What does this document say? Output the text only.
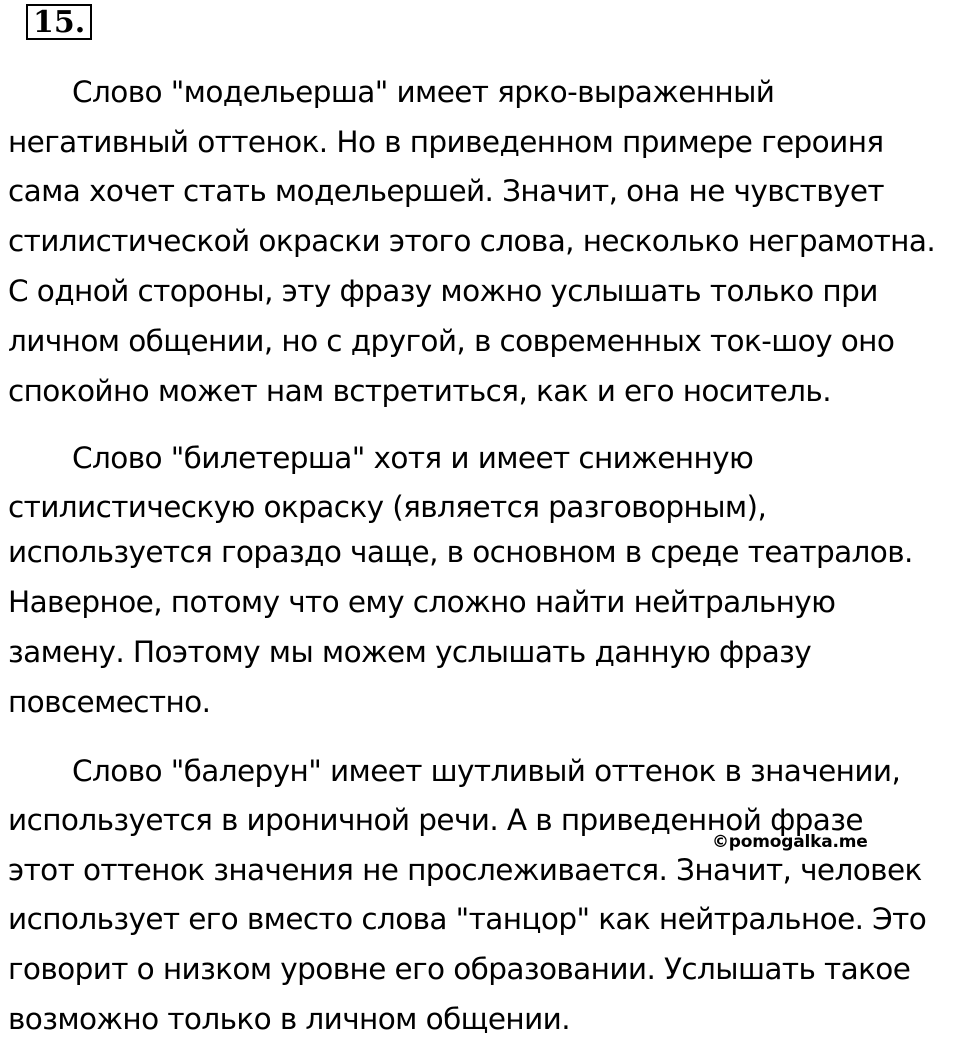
15.
Слово "модельерша" имеет ярко-выраженный
негативный оттенок. Но в приведенном примере героиня
сама хочет стать модельершей. Значит, она не чувствует
стилистической окраски этого слова, несколько неграмотна.
С одной стороны, эту фразу можно услышать только при
личном общении, но с другой, в современных ток-шоу оно
спокойно может нам встретиться, как и его носитель.
Слово "билетерша" хотя и имеет сниженную
стилистическую окраску (является разговорным),
используется гораздо чаще, в основном в среде театралов.
Наверное, потому что ему сложно найти нейтральную
замену. Поэтому мы можем услышать данную фразу
повсеместно.
Слово "балерун" имеет шутливый оттенок в значении,
используется в ироничной речи. А в приведенной фразе
этот оттенок значения не прослеживается. Значит, человек
использует его вместо слова "танцор" как нейтральное. Это
говорит о низком уровне его образовании. Услышать такое
возможно только в личном общении.
©pomogalka.me
